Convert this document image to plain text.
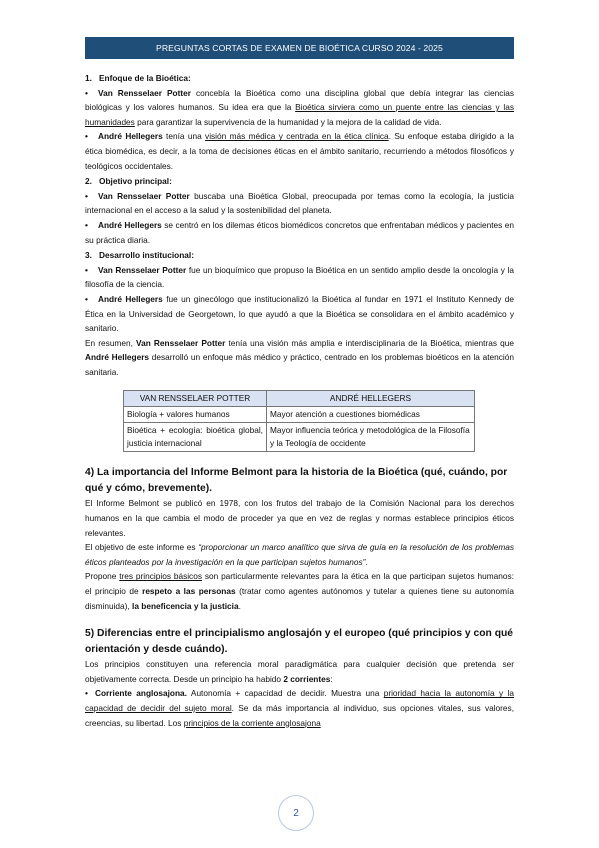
PREGUNTAS CORTAS DE EXAMEN DE BIOÉTICA CURSO 2024 - 2025
1. Enfoque de la Bioética:

• Van Rensselaer Potter concebía la Bioética como una disciplina global que debía integrar las ciencias biológicas y los valores humanos. Su idea era que la Bioética sirviera como un puente entre las ciencias y las humanidades para garantizar la supervivencia de la humanidad y la mejora de la calidad de vida.

• André Hellegers tenía una visión más médica y centrada en la ética clínica. Su enfoque estaba dirigido a la ética biomédica, es decir, a la toma de decisiones éticas en el ámbito sanitario, recurriendo a métodos filosóficos y teológicos occidentales.

2. Objetivo principal:

• Van Rensselaer Potter buscaba una Bioética Global, preocupada por temas como la ecología, la justicia internacional en el acceso a la salud y la sostenibilidad del planeta.

• André Hellegers se centró en los dilemas éticos biomédicos concretos que enfrentaban médicos y pacientes en su práctica diaria.

3. Desarrollo institucional:

• Van Rensselaer Potter fue un bioquímico que propuso la Bioética en un sentido amplio desde la oncología y la filosofía de la ciencia.

• André Hellegers fue un ginecólogo que institucionalizó la Bioética al fundar en 1971 el Instituto Kennedy de Ética en la Universidad de Georgetown, lo que ayudó a que la Bioética se consolidara en el ámbito académico y sanitario.

En resumen, Van Rensselaer Potter tenía una visión más amplia e interdisciplinaria de la Bioética, mientras que André Hellegers desarrolló un enfoque más médico y práctico, centrado en los problemas bioéticos en la atención sanitaria.

VAN RENSSELAER POTTER	ANDRÉ HELLEGERS
Biología + valores humanos	Mayor atención a cuestiones biomédicas
Bioética + ecología: bioética global, justicia internacional	Mayor influencia teórica y metodológica de la Filosofía y la Teología de occidente
4) La importancia del Informe Belmont para la historia de la Bioética (qué, cuándo, por qué y cómo, brevemente).

El Informe Belmont se publicó en 1978, con los frutos del trabajo de la Comisión Nacional para los derechos humanos en la que cambia el modo de proceder ya que en vez de reglas y normas establece principios éticos relevantes.

El objetivo de este informe es “proporcionar un marco analítico que sirva de guía en la resolución de los problemas éticos planteados por la investigación en la que participan sujetos humanos”.

Propone tres principios básicos son particularmente relevantes para la ética en la que participan sujetos humanos: el principio de respeto a las personas (tratar como agentes autónomos y tutelar a quienes tiene su autonomía disminuida), la beneficencia y la justicia.

5) Diferencias entre el principialismo anglosajón y el europeo (qué principios y con qué orientación y desde cuándo).

Los principios constituyen una referencia moral paradigmática para cualquier decisión que pretenda ser objetivamente correcta. Desde un principio ha habido 2 corrientes:

• Corriente anglosajona. Autonomía + capacidad de decidir. Muestra una prioridad hacia la autonomía y la capacidad de decidir del sujeto moral. Se da más importancia al individuo, sus opciones vitales, sus valores, creencias, su libertad. Los principios de la corriente anglosajona

2
